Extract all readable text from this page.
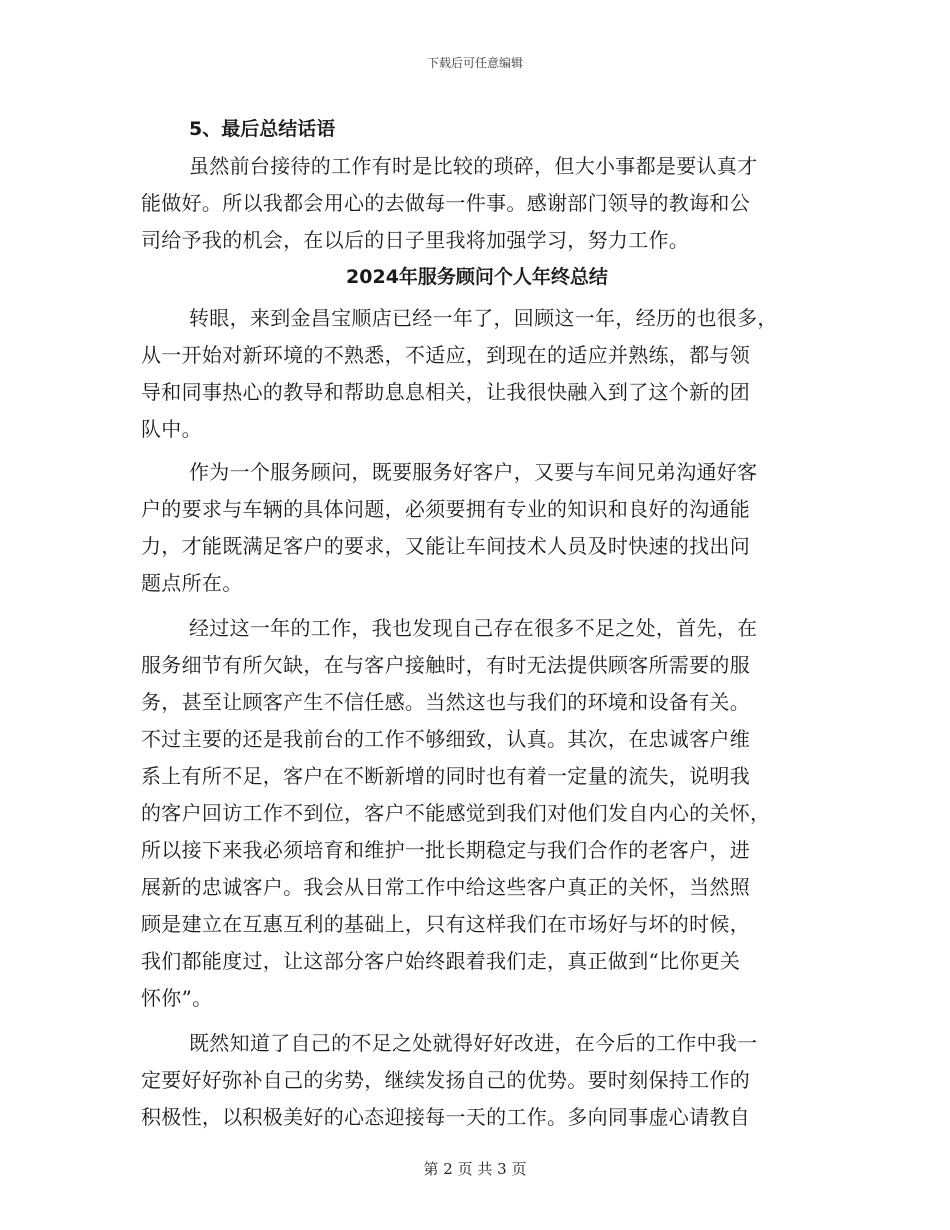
下载后可任意编辑
5、最后总结话语
虽然前台接待的工作有时是比较的琐碎，但大小事都是要认真才
能做好。所以我都会用心的去做每一件事。感谢部门领导的教诲和公
司给予我的机会，在以后的日子里我将加强学习，努力工作。
2024年服务顾问个人年终总结
转眼，来到金昌宝顺店已经一年了，回顾这一年，经历的也很多，
从一开始对新环境的不熟悉，不适应，到现在的适应并熟练，都与领
导和同事热心的教导和帮助息息相关，让我很快融入到了这个新的团
队中。
作为一个服务顾问，既要服务好客户，又要与车间兄弟沟通好客
户的要求与车辆的具体问题，必须要拥有专业的知识和良好的沟通能
力，才能既满足客户的要求，又能让车间技术人员及时快速的找出问
题点所在。
经过这一年的工作，我也发现自己存在很多不足之处，首先，在
服务细节有所欠缺，在与客户接触时，有时无法提供顾客所需要的服
务，甚至让顾客产生不信任感。当然这也与我们的环境和设备有关。
不过主要的还是我前台的工作不够细致，认真。其次，在忠诚客户维
系上有所不足，客户在不断新增的同时也有着一定量的流失，说明我
的客户回访工作不到位，客户不能感觉到我们对他们发自内心的关怀，
所以接下来我必须培育和维护一批长期稳定与我们合作的老客户，进
展新的忠诚客户。我会从日常工作中给这些客户真正的关怀，当然照
顾是建立在互惠互利的基础上，只有这样我们在市场好与坏的时候，
我们都能度过，让这部分客户始终跟着我们走，真正做到“比你更关
怀你”。
既然知道了自己的不足之处就得好好改进，在今后的工作中我一
定要好好弥补自己的劣势，继续发扬自己的优势。要时刻保持工作的
积极性，以积极美好的心态迎接每一天的工作。多向同事虚心请教自
第 2 页 共 3 页
